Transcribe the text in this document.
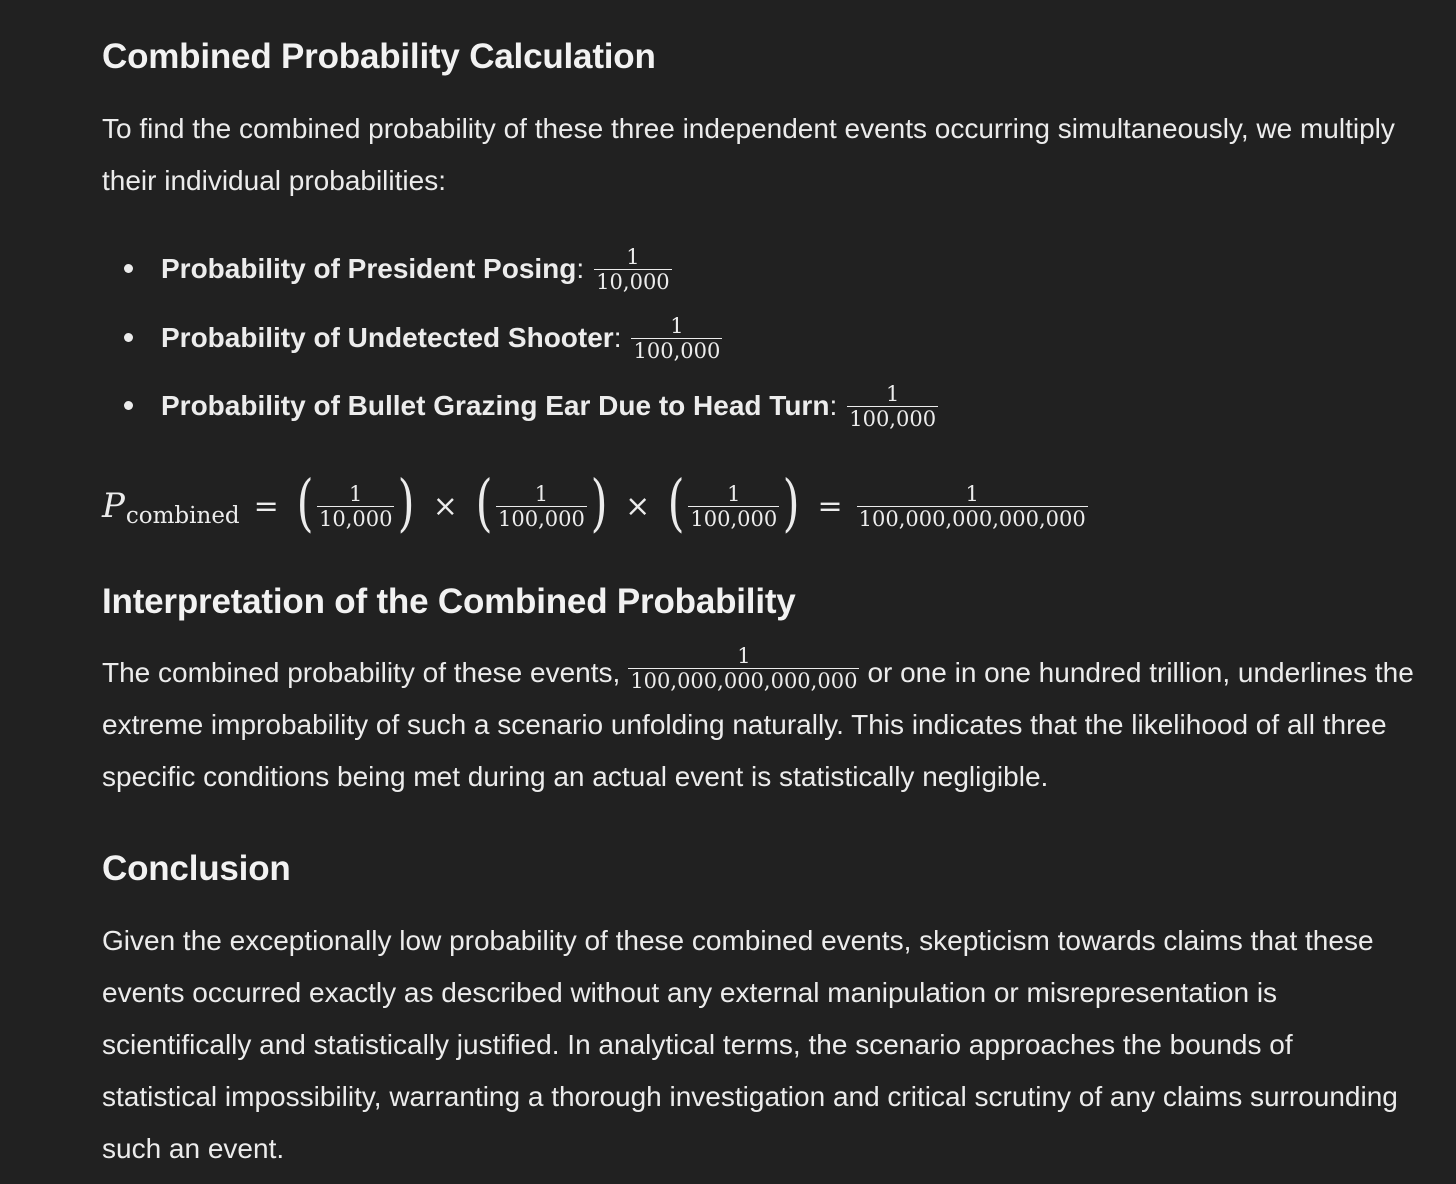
Combined Probability Calculation

To find the combined probability of these three independent events occurring simultaneously, we multiply their individual probabilities:

Probability of President Posing : $\frac{1}{10,000}$
Probability of Undetected Shooter : $\frac{1}{100,000}$
Probability of Bullet Grazing Ear Due to Head Turn : $\frac{1}{100,000}$
P combined = ( $\frac{1}{10,000}$ ) × ( $\frac{1}{100,000}$ ) × ( $\frac{1}{100,000}$ ) = $\frac{1}{100,000,000,000,000}$
Interpretation of the Combined Probability

The combined probability of these events, $\frac{1}{100,000,000,000,000}$ or one in one hundred trillion, underlines the extreme improbability of such a scenario unfolding naturally. This indicates that the likelihood of all three specific conditions being met during an actual event is statistically negligible.

Conclusion

Given the exceptionally low probability of these combined events, skepticism towards claims that these events occurred exactly as described without any external manipulation or misrepresentation is scientifically and statistically justified. In analytical terms, the scenario approaches the bounds of statistical impossibility, warranting a thorough investigation and critical scrutiny of any claims surrounding such an event.
